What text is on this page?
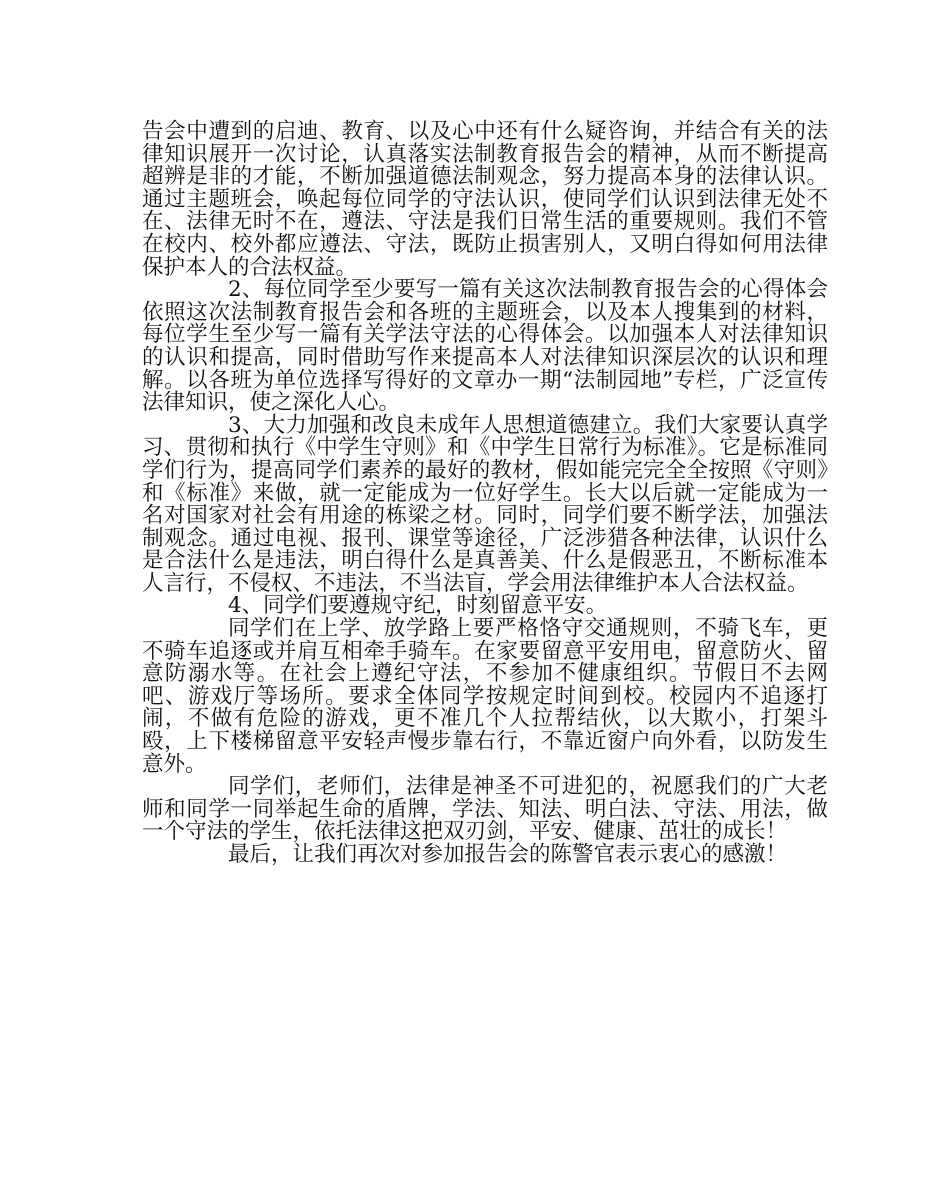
告会中遭到的启迪、教育、以及心中还有什么疑咨询，并结合有关的法律知识展开一次讨论，认真落实法制教育报告会的精神，从而不断提高超辨是非的才能，不断加强道德法制观念，努力提高本身的法律认识。通过主题班会，唤起每位同学的守法认识，使同学们认识到法律无处不在、法律无时不在，遵法、守法是我们日常生活的重要规则。我们不管在校内、校外都应遵法、守法，既防止损害别人，又明白得如何用法律保护本人的合法权益。

2、每位同学至少要写一篇有关这次法制教育报告会的心得体会依照这次法制教育报告会和各班的主题班会，以及本人搜集到的材料，每位学生至少写一篇有关学法守法的心得体会。以加强本人对法律知识的认识和提高，同时借助写作来提高本人对法律知识深层次的认识和理解。以各班为单位选择写得好的文章办一期“法制园地”专栏，广泛宣传法律知识，使之深化人心。

3、大力加强和改良未成年人思想道德建立。我们大家要认真学习、贯彻和执行《中学生守则》和《中学生日常行为标准》。它是标准同学们行为，提高同学们素养的最好的教材，假如能完完全全按照《守则》和《标准》来做，就一定能成为一位好学生。长大以后就一定能成为一名对国家对社会有用途的栋梁之材。同时，同学们要不断学法，加强法制观念。通过电视、报刊、课堂等途径，广泛涉猎各种法律，认识什么是合法什么是违法，明白得什么是真善美、什么是假恶丑，不断标准本人言行，不侵权、不违法，不当法盲，学会用法律维护本人合法权益。

4、同学们要遵规守纪，时刻留意平安。

同学们在上学、放学路上要严格恪守交通规则，不骑飞车，更不骑车追逐或并肩互相牵手骑车。在家要留意平安用电，留意防火、留意防溺水等。在社会上遵纪守法，不参加不健康组织。节假日不去网吧、游戏厅等场所。要求全体同学按规定时间到校。校园内不追逐打闹，不做有危险的游戏，更不准几个人拉帮结伙，以大欺小，打架斗殴，上下楼梯留意平安轻声慢步靠右行，不靠近窗户向外看，以防发生意外。

同学们，老师们，法律是神圣不可进犯的，祝愿我们的广大老师和同学一同举起生命的盾牌，学法、知法、明白法、守法、用法，做一个守法的学生，依托法律这把双刃剑，平安、健康、茁壮的成长！

最后，让我们再次对参加报告会的陈警官表示衷心的感激！
